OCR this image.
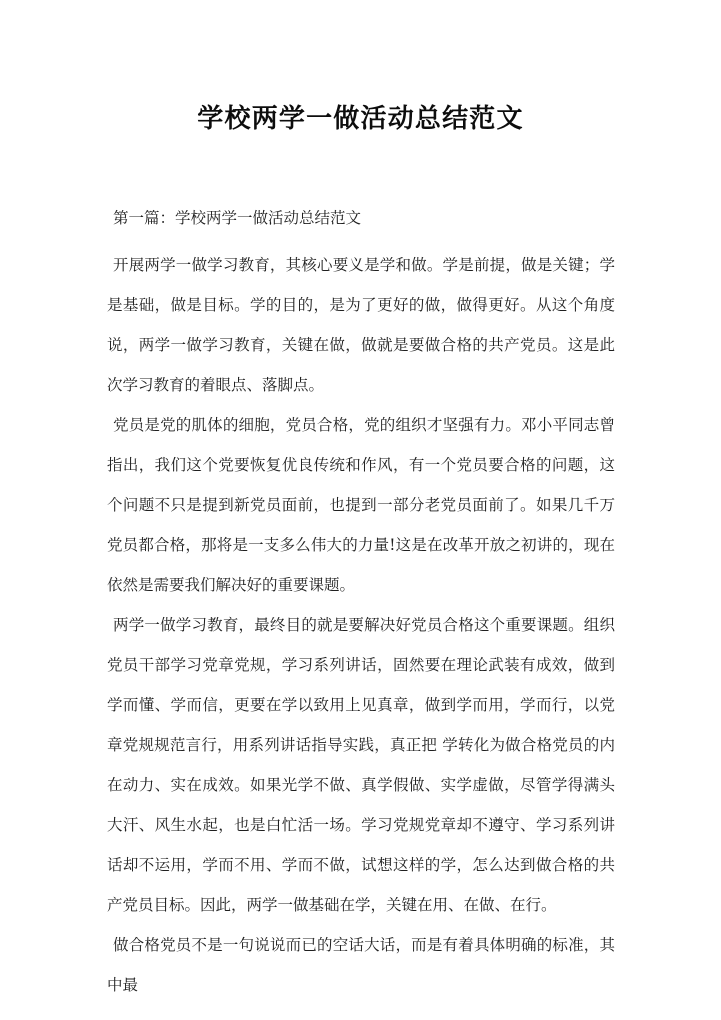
学校两学一做活动总结范文

第一篇：学校两学一做活动总结范文

开展两学一做学习教育，其核心要义是学和做。学是前提，做是关键；学是基础，做是目标。学的目的，是为了更好的做，做得更好。从这个角度说，两学一做学习教育，关键在做，做就是要做合格的共产党员。这是此次学习教育的着眼点、落脚点。

党员是党的肌体的细胞，党员合格，党的组织才坚强有力。邓小平同志曾指出，我们这个党要恢复优良传统和作风，有一个党员要合格的问题，这个问题不只是提到新党员面前，也提到一部分老党员面前了。如果几千万党员都合格，那将是一支多么伟大的力量!这是在改革开放之初讲的，现在依然是需要我们解决好的重要课题。

两学一做学习教育，最终目的就是要解决好党员合格这个重要课题。组织党员干部学习党章党规，学习系列讲话，固然要在理论武装有成效，做到学而懂、学而信，更要在学以致用上见真章，做到学而用，学而行，以党章党规规范言行，用系列讲话指导实践，真正把 学转化为做合格党员的内在动力、实在成效。如果光学不做、真学假做、实学虚做，尽管学得满头大汗、风生水起，也是白忙活一场。学习党规党章却不遵守、学习系列讲话却不运用，学而不用、学而不做，试想这样的学，怎么达到做合格的共产党员目标。因此，两学一做基础在学，关键在用、在做、在行。

做合格党员不是一句说说而已的空话大话，而是有着具体明确的标准，其中最
